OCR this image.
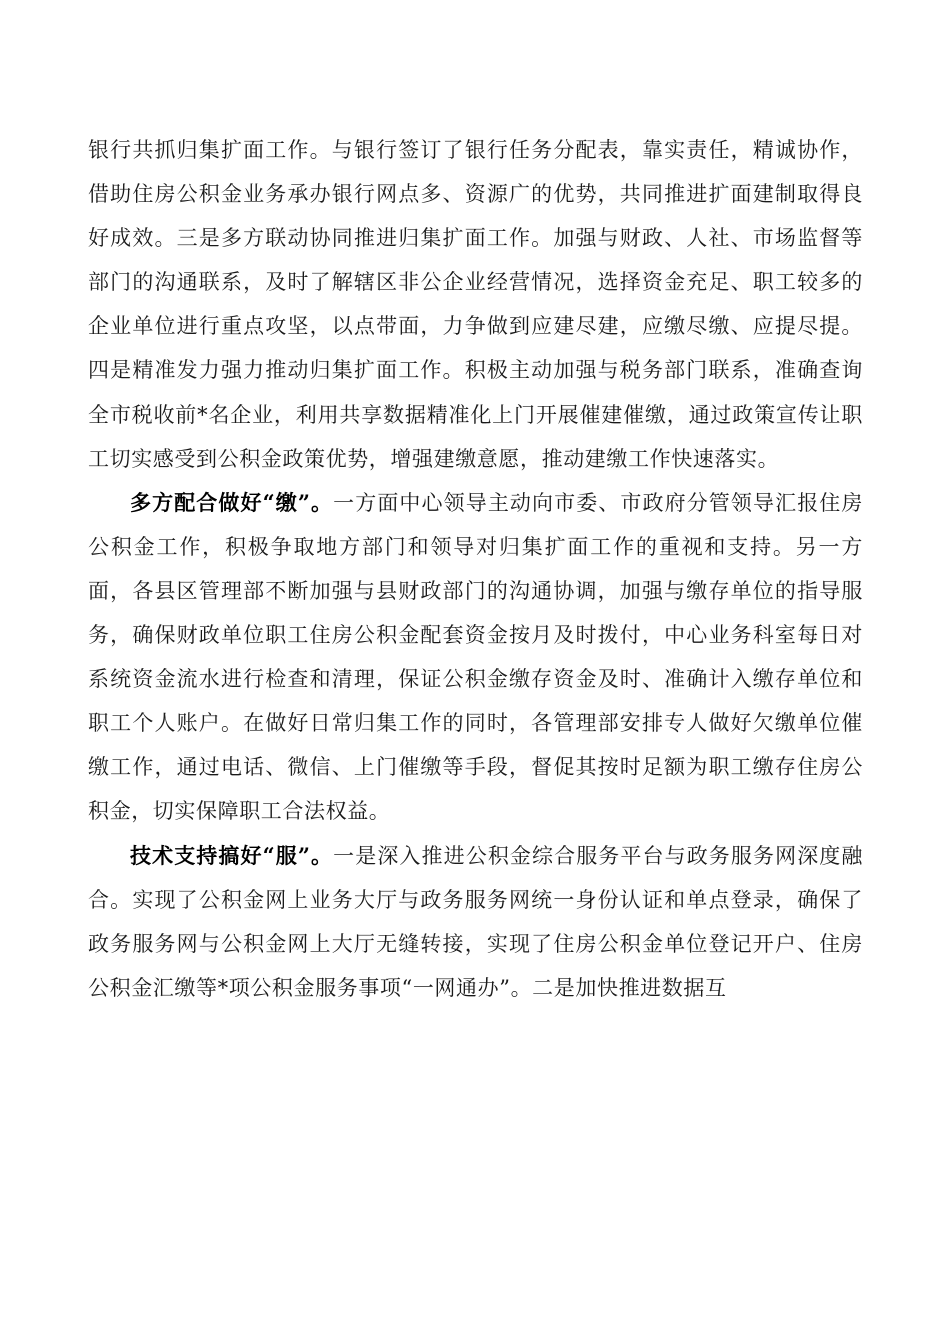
银行共抓归集扩面工作。与银行签订了银行任务分配表，靠实责任，精诚协作，借助住房公积金业务承办银行网点多、资源广的优势，共同推进扩面建制取得良好成效。三是多方联动协同推进归集扩面工作。加强与财政、人社、市场监督等部门的沟通联系，及时了解辖区非公企业经营情况，选择资金充足、职工较多的企业单位进行重点攻坚，以点带面，力争做到应建尽建，应缴尽缴、应提尽提。四是精准发力强力推动归集扩面工作。积极主动加强与税务部门联系，准确查询全市税收前*名企业，利用共享数据精准化上门开展催建催缴，通过政策宣传让职工切实感受到公积金政策优势，增强建缴意愿，推动建缴工作快速落实。

多方配合做好“缴”。一方面中心领导主动向市委、市政府分管领导汇报住房公积金工作，积极争取地方部门和领导对归集扩面工作的重视和支持。另一方面，各县区管理部不断加强与县财政部门的沟通协调，加强与缴存单位的指导服务，确保财政单位职工住房公积金配套资金按月及时拨付，中心业务科室每日对系统资金流水进行检查和清理，保证公积金缴存资金及时、准确计入缴存单位和职工个人账户。在做好日常归集工作的同时，各管理部安排专人做好欠缴单位催缴工作，通过电话、微信、上门催缴等手段，督促其按时足额为职工缴存住房公积金，切实保障职工合法权益。

技术支持搞好“服”。一是深入推进公积金综合服务平台与政务服务网深度融合。实现了公积金网上业务大厅与政务服务网统一身份认证和单点登录，确保了政务服务网与公积金网上大厅无缝转接，实现了住房公积金单位登记开户、住房公积金汇缴等*项公积金服务事项“一网通办”。二是加快推进数据互
